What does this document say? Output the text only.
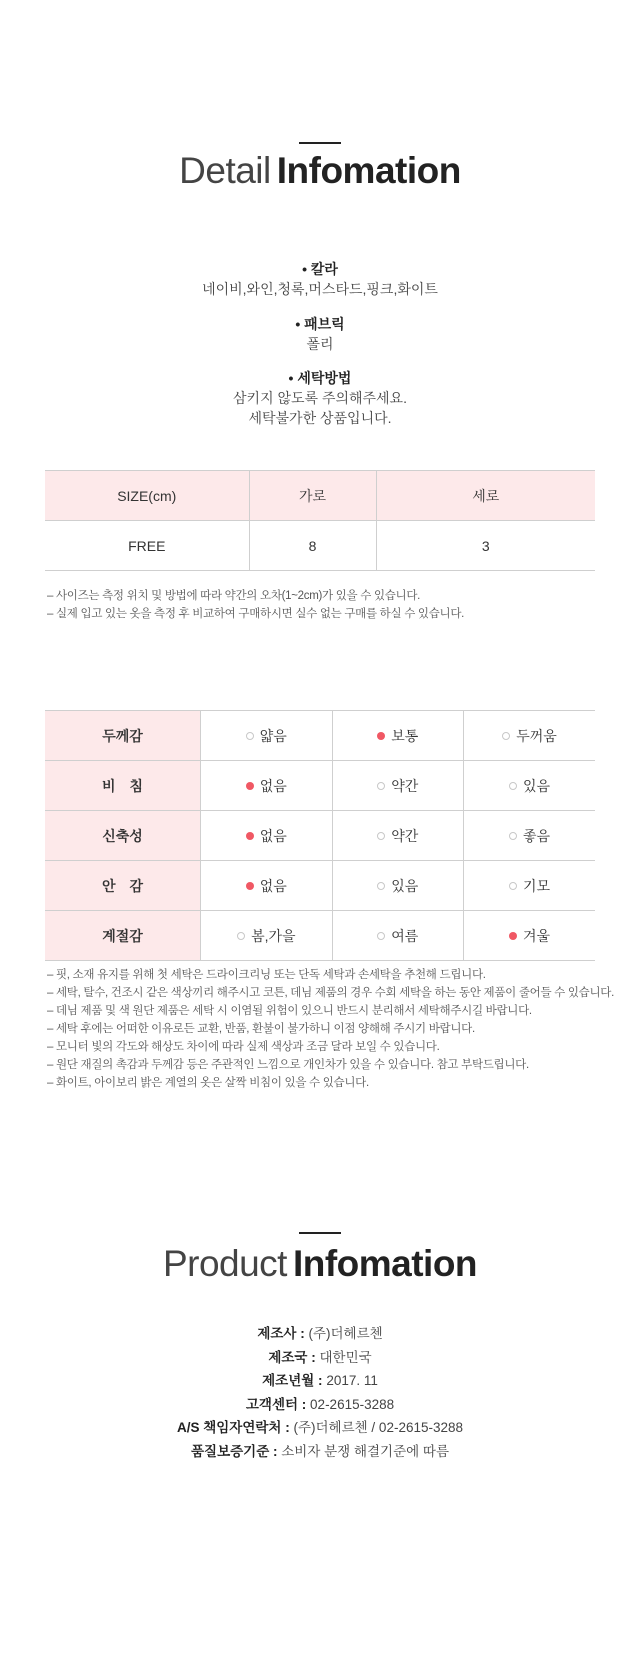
Detail Infomation
• 칼라
네이비,와인,청록,머스타드,핑크,화이트
• 패브릭
폴리
• 세탁방법
삼키지 않도록 주의해주세요.
세탁불가한 상품입니다.
SIZE(cm)	가로	세로
FREE	8	3

– 사이즈는 측정 위치 및 방법에 따라 약간의 오차(1~2cm)가 있을 수 있습니다.

– 실제 입고 있는 옷을 측정 후 비교하여 구매하시면 실수 없는 구매를 하실 수 있습니다.

두께감	얇음	보통	두꺼움
비　침	없음	약간	있음
신축성	없음	약간	좋음
안　감	없음	있음	기모
계절감	봄,가을	여름	겨울

– 핏, 소재 유지를 위해 첫 세탁은 드라이크리닝 또는 단독 세탁과 손세탁을 추천해 드립니다.

– 세탁, 탈수, 건조시 같은 색상끼리 해주시고 코튼, 데님 제품의 경우 수회 세탁을 하는 동안 제품이 줄어들 수 있습니다.

– 데님 제품 및 색 원단 제품은 세탁 시 이염될 위험이 있으니 반드시 분리해서 세탁해주시길 바랍니다.

– 세탁 후에는 어떠한 이유로든 교환, 반품, 환불이 불가하니 이점 양해해 주시기 바랍니다.

– 모니터 빛의 각도와 해상도 차이에 따라 실제 색상과 조금 달라 보일 수 있습니다.

– 원단 재질의 촉감과 두께감 등은 주관적인 느낌으로 개인차가 있을 수 있습니다. 참고 부탁드립니다.

– 화이트, 아이보리 밝은 계열의 옷은 살짝 비침이 있을 수 있습니다.

Product Infomation

제조사 : (주)더헤르첸

제조국 : 대한민국

제조년월 : 2017. 11

고객센터 : 02-2615-3288

A/S 책임자연락처 : (주)더헤르첸 / 02-2615-3288

품질보증기준 : 소비자 분쟁 해결기준에 따름
